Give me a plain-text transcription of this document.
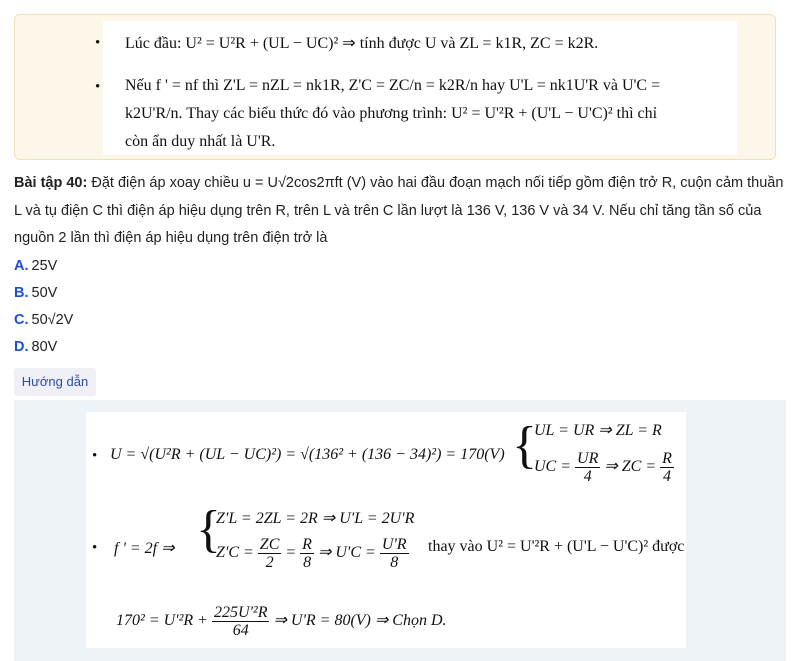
• Lúc đầu: U² = U²R + (UL − UC)² ⇒ tính được U và ZL = k1R, ZC = k2R.
• Nếu f ' = nf thì Z'L = nZL = nk1R, Z'C = ZC/n = k2R/n hay U'L = nk1U'R và U'C =
k2U'R/n. Thay các biểu thức đó vào phương trình: U² = U'²R + (U'L − U'C)² thì chỉ
còn ẩn duy nhất là U'R.
Bài tập 40: Đặt điện áp xoay chiều u = U√2cos2πft (V) vào hai đầu đoạn mạch nối tiếp gồm điện trở R, cuộn cảm thuần L và tụ điện C thì điện áp hiệu dụng trên R, trên L và trên C lần lượt là 136 V, 136 V và 34 V. Nếu chỉ tăng tần số của nguồn 2 lần thì điện áp hiệu dụng trên điện trở là
A. 25V
B. 50V
C. 50√2V
D. 80V
Hướng dẫn
• U = √(U²R + (UL − UC)²) = √(136² + (136 − 34)²) = 170(V) {
UL = UR ⇒ ZL = R
UC = $\frac{UR}{4}$ ⇒ ZC = $\frac{R}{4}$
• f ' = 2f ⇒ {
Z'L = 2ZL = 2R ⇒ U'L = 2U'R
$Z'C = \frac{ZC}{2} = \frac{R}{8}$ ⇒ $U'C = \frac{U'R}{8}$ thay vào U² = U'²R + (U'L − U'C)² được
$170^2 = U'^2R + \frac{\text{225U'²R}}{64}$ ⇒ U'R = 80(V) ⇒ Chọn D.
